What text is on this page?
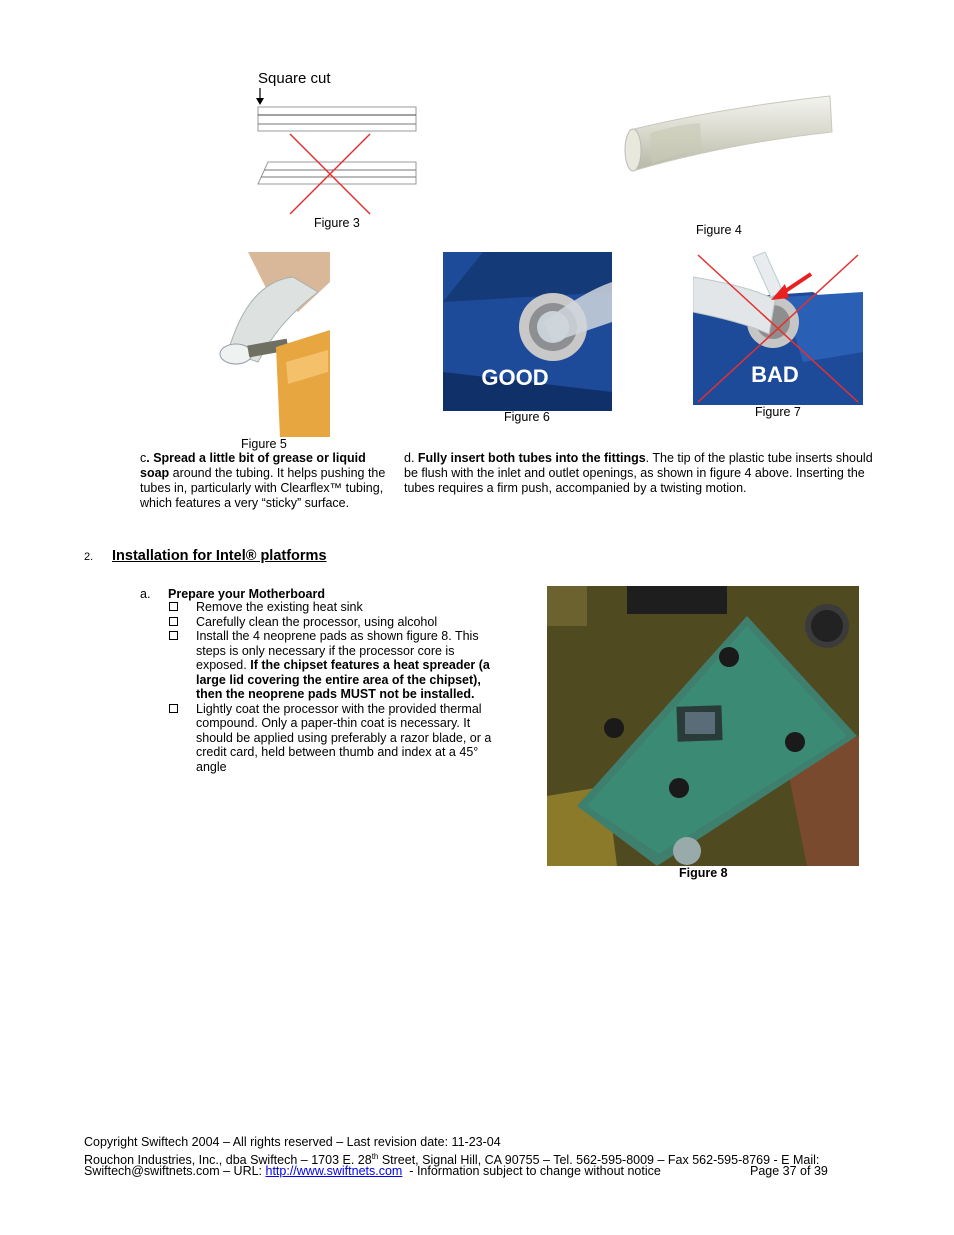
Square cut
Figure 3	Figure 4
Figure 5
GOOD
Figure 6
BAD
Figure 7
c. Spread a little bit of grease or liquid soap around the tubing. It helps pushing the tubes in, particularly with Clearflex™ tubing, which features a very “sticky” surface.
d. Fully insert both tubes into the fittings. The tip of the plastic tube inserts should be flush with the inlet and outlet openings, as shown in figure 4 above. Inserting the tubes requires a firm push, accompanied by a twisting motion.
2. Installation for Intel® platforms
a. Prepare your Motherboard
Remove the existing heat sink
Carefully clean the processor, using alcohol
Install the 4 neoprene pads as shown figure 8. This steps is only necessary if the processor core is exposed. If the chipset features a heat spreader (a large lid covering the entire area of the chipset), then the neoprene pads MUST not be installed.
Lightly coat the processor with the provided thermal compound. Only a paper-thin coat is necessary. It should be applied using preferably a razor blade, or a credit card, held between thumb and index at a 45° angle
Figure 8
Copyright Swiftech 2004 – All rights reserved – Last revision date: 11-23-04
Rouchon Industries, Inc., dba Swiftech – 1703 E. 28th Street, Signal Hill, CA 90755 – Tel. 562-595-8009 – Fax 562-595-8769 - E Mail:
Swiftech@swiftnets.com – URL: http://www.swiftnets.com  - Information subject to change without notice	Page 37 of 39
